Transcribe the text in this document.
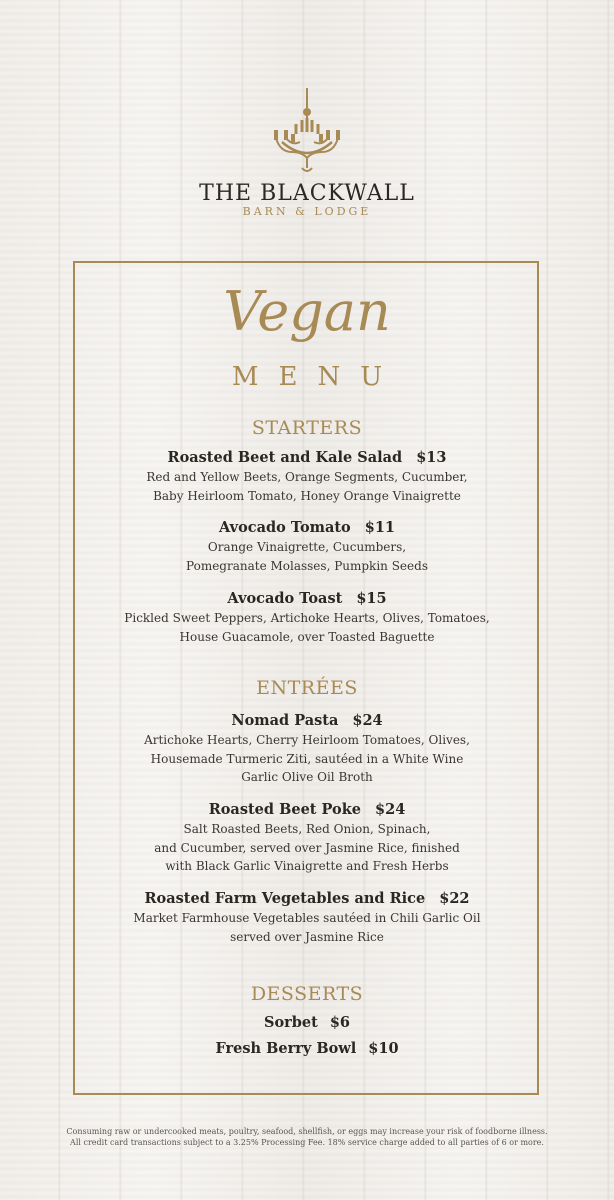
THE BLACKWALL
BARN & LODGE
Vegan
MENU
STARTERS
Roasted Beet and Kale Salad $13
Red and Yellow Beets, Orange Segments, Cucumber,
Baby Heirloom Tomato, Honey Orange Vinaigrette
Avocado Tomato $11
Orange Vinaigrette, Cucumbers,
Pomegranate Molasses, Pumpkin Seeds
Avocado Toast $15
Pickled Sweet Peppers, Artichoke Hearts, Olives, Tomatoes,
House Guacamole, over Toasted Baguette
ENTRÉES
Nomad Pasta $24
Artichoke Hearts, Cherry Heirloom Tomatoes, Olives,
Housemade Turmeric Ziti, sautéed in a White Wine
Garlic Olive Oil Broth
Roasted Beet Poke $24
Salt Roasted Beets, Red Onion, Spinach,
and Cucumber, served over Jasmine Rice, finished
with Black Garlic Vinaigrette and Fresh Herbs
Roasted Farm Vegetables and Rice $22
Market Farmhouse Vegetables sautéed in Chili Garlic Oil
served over Jasmine Rice
DESSERTS
Sorbet $6
Fresh Berry Bowl $10
Consuming raw or undercooked meats, poultry, seafood, shellfish, or eggs may increase your risk of foodborne illness.
All credit card transactions subject to a 3.25% Processing Fee. 18% service charge added to all parties of 6 or more.
